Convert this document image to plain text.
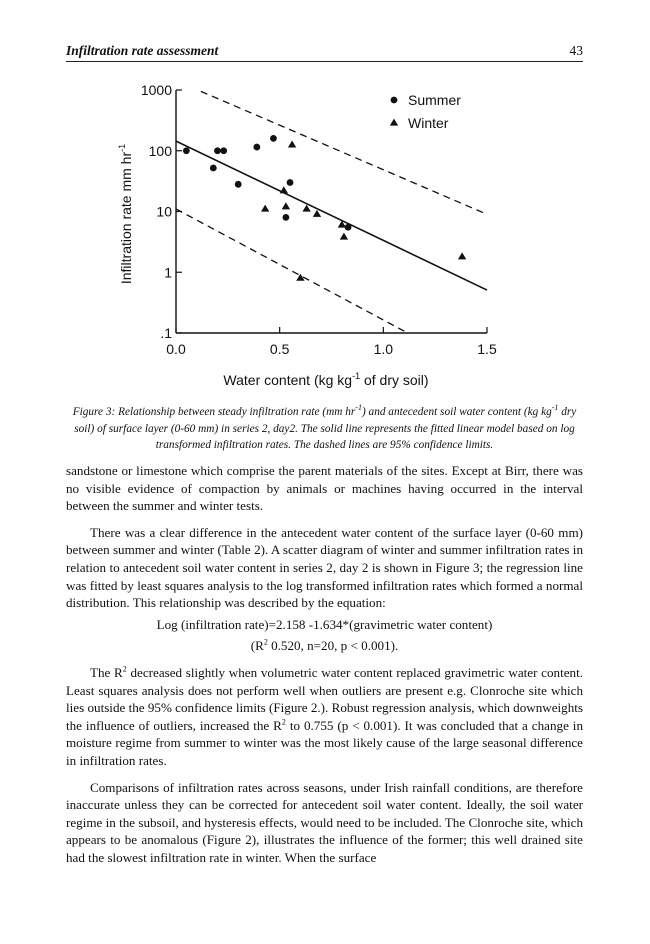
Infiltration rate assessment	43
.1
1
10
100
1000
0.0	0.5	1.0	1.5
Summer
Winter
Water content (kg $kg^{-1}$ of dry soil)
Infiltration rate mm $hr^{-1}$
Figure 3: Relationship between steady infiltration rate (mm $hr^{-1}$) and antecedent soil water content (kg $kg^{-1}$ dry soil) of surface layer (0-60 mm) in series 2, day2. The solid line represents the fitted linear model based on log transformed infiltration rates. The dashed lines are 95% confidence limits.

sandstone or limestone which comprise the parent materials of the sites. Except at Birr, there was no visible evidence of compaction by animals or machines having occurred in the interval between the summer and winter tests.

There was a clear difference in the antecedent water content of the surface layer (0-60 mm) between summer and winter (Table 2). A scatter diagram of winter and summer infiltration rates in relation to antecedent soil water content in series 2, day 2 is shown in Figure 3; the regression line was fitted by least squares analysis to the log transformed infiltration rates which formed a normal distribution. This relationship was described by the equation:

Log (infiltration rate)=2.158 -1.634*(gravimetric water content)

($R^2$ 0.520, n=20, p < 0.001).

The $R^2$ decreased slightly when volumetric water content replaced gravimetric water content. Least squares analysis does not perform well when outliers are present e.g. Clonroche site which lies outside the 95% confidence limits (Figure 2.). Robust regression analysis, which downweights the influence of outliers, increased the $R^2$ to 0.755 (p < 0.001). It was concluded that a change in moisture regime from summer to winter was the most likely cause of the large seasonal difference in infiltration rates.

Comparisons of infiltration rates across seasons, under Irish rainfall conditions, are therefore inaccurate unless they can be corrected for antecedent soil water content. Ideally, the soil water regime in the subsoil, and hysteresis effects, would need to be included. The Clonroche site, which appears to be anomalous (Figure 2), illustrates the influence of the former; this well drained site had the slowest infiltration rate in winter. When the surface
